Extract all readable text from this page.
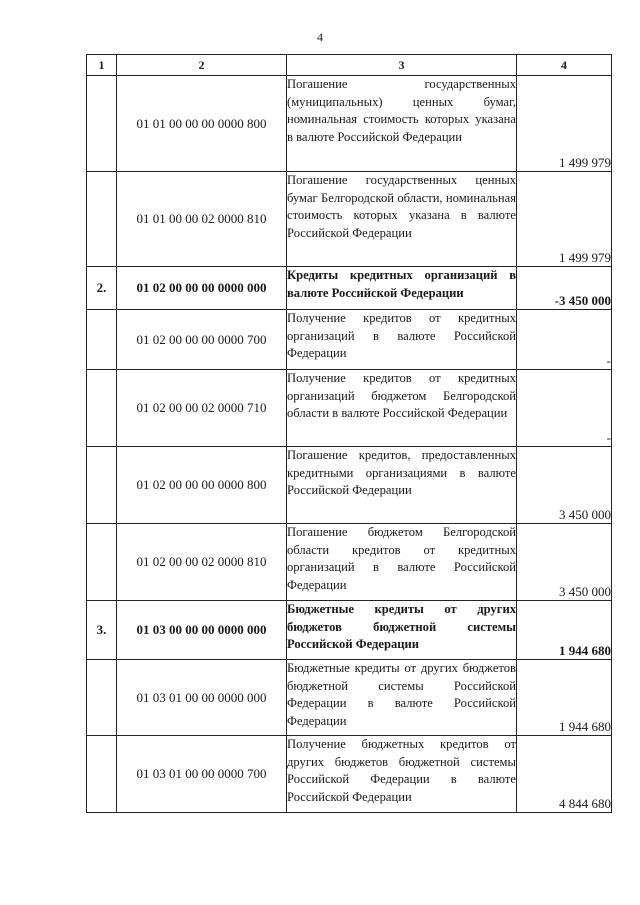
4
1	2	3	4
	01 01 00 00 00 0000 800	Погашение государственных (муниципальных) ценных бумаг, номинальная стоимость которых указана в валюте Российской Федерации	1 499 979
	01 01 00 00 02 0000 810	Погашение государственных ценных бумаг Белгородской области, номинальная стоимость которых указана в валюте Российской Федерации	1 499 979
2.	01 02 00 00 00 0000 000	Кредиты кредитных организаций в валюте Российской Федерации	-3 450 000
	01 02 00 00 00 0000 700	Получение кредитов от кредитных организаций в валюте Российской Федерации	-
	01 02 00 00 02 0000 710	Получение кредитов от кредитных организаций бюджетом Белгородской области в валюте Российской Федерации	-
	01 02 00 00 00 0000 800	Погашение кредитов, предоставленных кредитными организациями в валюте Российской Федерации	3 450 000
	01 02 00 00 02 0000 810	Погашение бюджетом Белгородской области кредитов от кредитных организаций в валюте Российской Федерации	3 450 000
3.	01 03 00 00 00 0000 000	Бюджетные кредиты от других бюджетов бюджетной системы Российской Федерации	1 944 680
	01 03 01 00 00 0000 000	Бюджетные кредиты от других бюджетов бюджетной системы Российской Федерации в валюте Российской Федерации	1 944 680
	01 03 01 00 00 0000 700	Получение бюджетных кредитов от других бюджетов бюджетной системы Российской Федерации в валюте Российской Федерации	4 844 680
